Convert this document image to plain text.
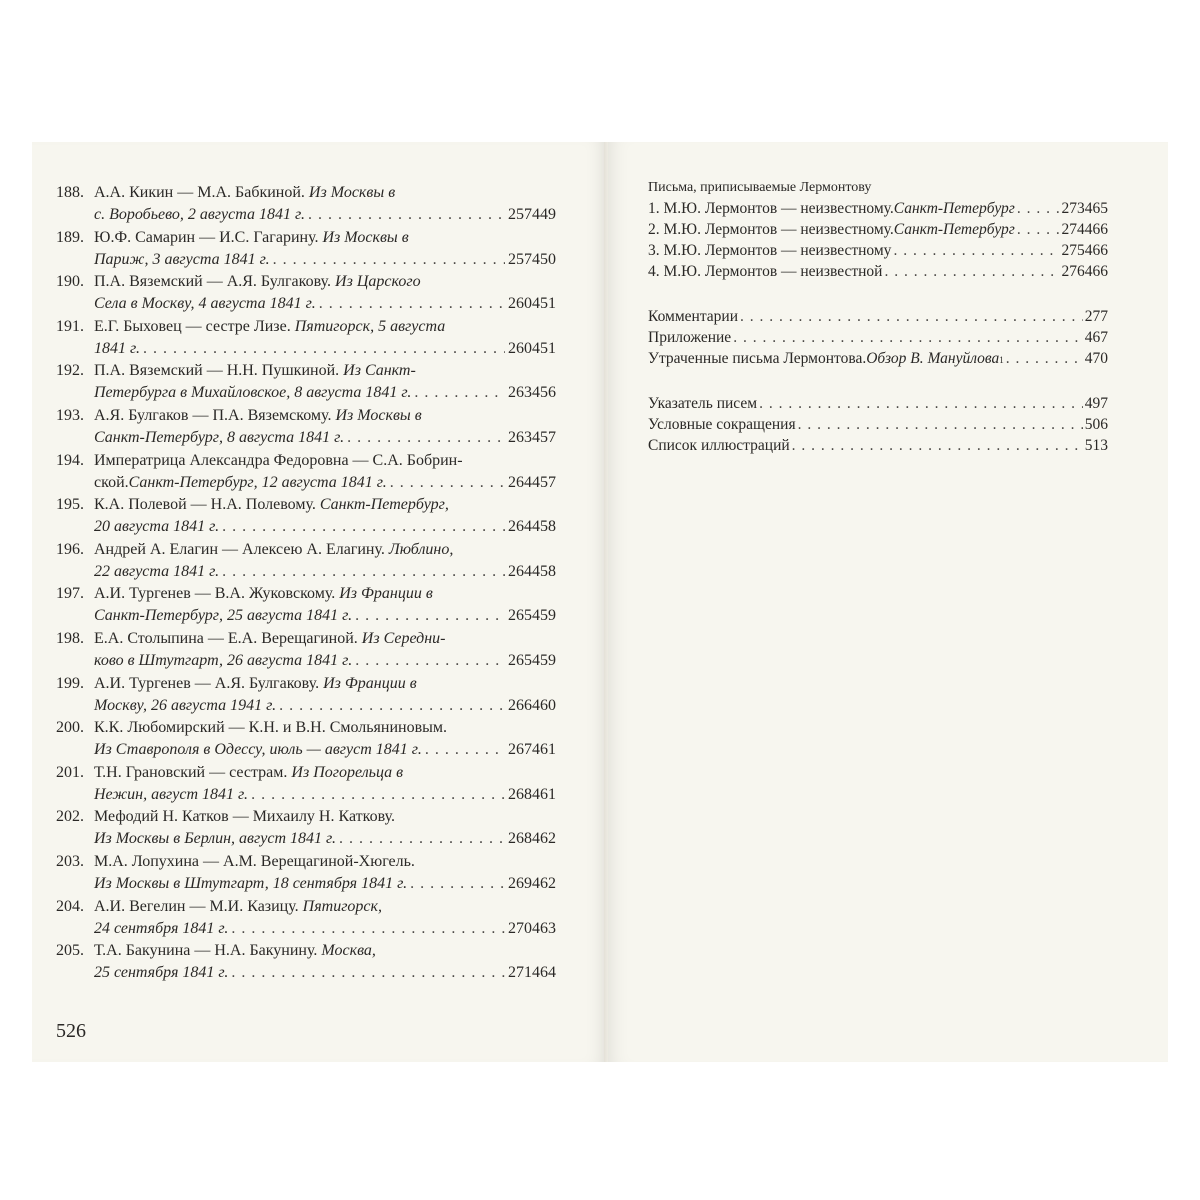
188. А.А. Кикин — М.А. Бабкиной. Из Москвы в
с. Воробьево, 2 августа 1841 г. . . .	257 449
189. Ю.Ф. Самарин — И.С. Гагарину. Из Москвы в
Париж, 3 августа 1841 г. . . .	257 450
190. П.А. Вяземский — А.Я. Булгакову. Из Царского
Села в Москву, 4 августа 1841 г. . . .	260 451
191. Е.Г. Быховец — сестре Лизе. Пятигорск, 5 августа
1841 г. . . .	260 451
192. П.А. Вяземский — Н.Н. Пушкиной. Из Санкт-
Петербурга в Михайловское, 8 августа 1841 г. . . .	263 456
193. А.Я. Булгаков — П.А. Вяземскому. Из Москвы в
Санкт-Петербург, 8 августа 1841 г. . . .	263 457
194. Императрица Александра Федоровна — С.А. Бобрин-
ской. Санкт-Петербург, 12 августа 1841 г. . . .	264 457
195. К.А. Полевой — Н.А. Полевому. Санкт-Петербург,
20 августа 1841 г. . . .	264 458
196. Андрей А. Елагин — Алексею А. Елагину. Люблино,
22 августа 1841 г. . . .	264 458
197. А.И. Тургенев — В.А. Жуковскому. Из Франции в
Санкт-Петербург, 25 августа 1841 г. . . .	265 459
198. Е.А. Столыпина — Е.А. Верещагиной. Из Середни-
ково в Штутгарт, 26 августа 1841 г. . . .	265 459
199. А.И. Тургенев — А.Я. Булгакову. Из Франции в
Москву, 26 августа 1941 г. . . .	266 460
200. К.К. Любомирский — К.Н. и В.Н. Смольяниновым.
Из Ставрополя в Одессу, июль — август 1841 г. . . .	267 461
201. Т.Н. Грановский — сестрам. Из Погорельца в
Нежин, август 1841 г. . . .	268 461
202. Мефодий Н. Катков — Михаилу Н. Каткову.
Из Москвы в Берлин, август 1841 г. . . .	268 462
203. М.А. Лопухина — А.М. Верещагиной-Хюгель.
Из Москвы в Штутгарт, 18 сентября 1841 г. . . .	269 462
204. А.И. Вегелин — М.И. Казицу. Пятигорск,
24 сентября 1841 г. . . .	270 463
205. Т.А. Бакунина — Н.А. Бакунину. Москва,
25 сентября 1841 г. . . .	271 464
526
Письма, приписываемые Лермонтову
1. М.Ю. Лермонтов — неизвестному. Санкт-Петербург . . .	273 465
2. М.Ю. Лермонтов — неизвестному. Санкт-Петербург . . .	274 466
3. М.Ю. Лермонтов — неизвестному . . .	275 466
4. М.Ю. Лермонтов — неизвестной . . .	276 466
Комментарии . . .	277
Приложение . . .	467
Утраченные письма Лермонтова. Обзор В. Мануйлова 1 . . .	470
Указатель писем . . .	497
Условные сокращения . . .	506
Список иллюстраций . . .	513
